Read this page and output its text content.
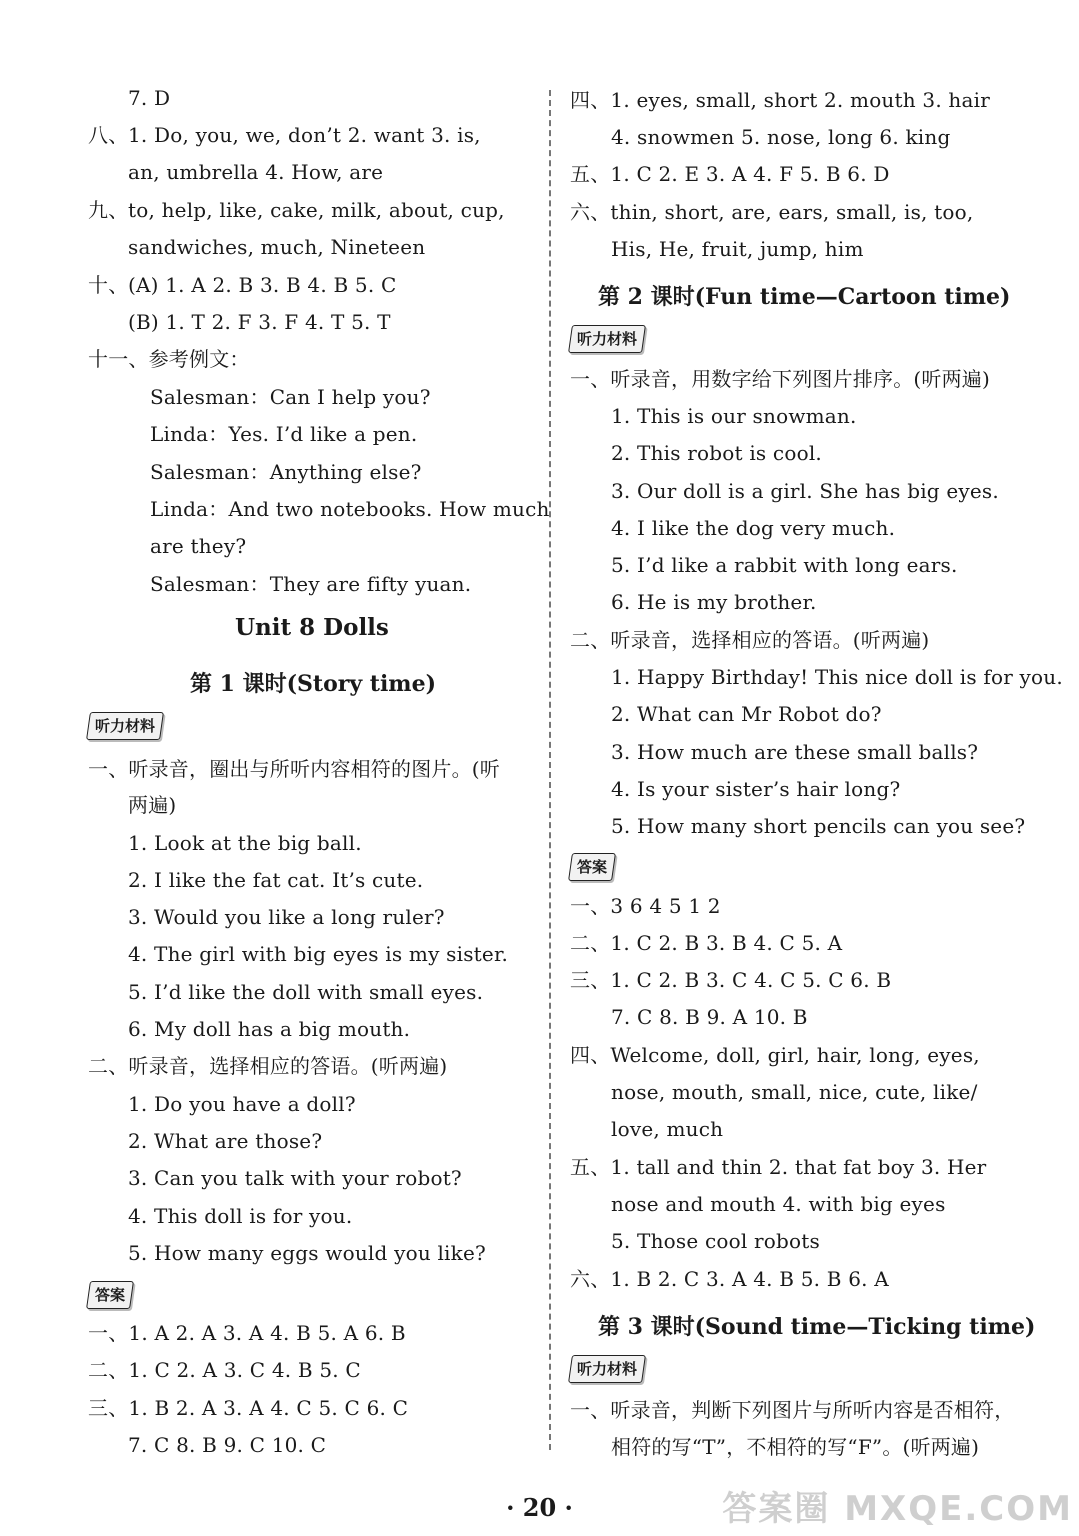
7. D
八、 1. Do, you, we, don’t 2. want 3. is,
an, umbrella 4. How, are
九、 to, help, like, cake, milk, about, cup,
sandwiches, much, Nineteen
十、 (A) 1. A 2. B 3. B 4. B 5. C
(B) 1. T 2. F 3. F 4. T 5. T
十一、参考例文：
Salesman：Can I help you?
Linda：Yes. I’d like a pen.
Salesman：Anything else?
Linda：And two notebooks. How much
are they?
Salesman：They are fifty yuan.
Unit 8 Dolls
第 1 课时(Story time)
听力材料
一、听录音，圈出与所听内容相符的图片。(听
两遍)
1. Look at the big ball.
2. I like the fat cat. It’s cute.
3. Would you like a long ruler?
4. The girl with big eyes is my sister.
5. I’d like the doll with small eyes.
6. My doll has a big mouth.
二、听录音，选择相应的答语。(听两遍)
1. Do you have a doll?
2. What are those?
3. Can you talk with your robot?
4. This doll is for you.
5. How many eggs would you like?
答案
一、1. A 2. A 3. A 4. B 5. A 6. B
二、1. C 2. A 3. C 4. B 5. C
三、1. B 2. A 3. A 4. C 5. C 6. C
7. C 8. B 9. C 10. C
四、1. eyes, small, short 2. mouth 3. hair
4. snowmen 5. nose, long 6. king
五、1. C 2. E 3. A 4. F 5. B 6. D
六、thin, short, are, ears, small, is, too,
His, He, fruit, jump, him
第 2 课时(Fun time—Cartoon time)
听力材料
一、听录音，用数字给下列图片排序。(听两遍)
1. This is our snowman.
2. This robot is cool.
3. Our doll is a girl. She has big eyes.
4. I like the dog very much.
5. I’d like a rabbit with long ears.
6. He is my brother.
二、听录音，选择相应的答语。(听两遍)
1. Happy Birthday! This nice doll is for you.
2. What can Mr Robot do?
3. How much are these small balls?
4. Is your sister’s hair long?
5. How many short pencils can you see?
答案
一、3 6 4 5 1 2
二、1. C 2. B 3. B 4. C 5. A
三、1. C 2. B 3. C 4. C 5. C 6. B
7. C 8. B 9. A 10. B
四、Welcome, doll, girl, hair, long, eyes,
nose, mouth, small, nice, cute, like/
love, much
五、1. tall and thin 2. that fat boy 3. Her
nose and mouth 4. with big eyes
5. Those cool robots
六、1. B 2. C 3. A 4. B 5. B 6. A
第 3 课时(Sound time—Ticking time)
听力材料
一、听录音，判断下列图片与所听内容是否相符，
相符的写“T”，不相符的写“F”。(听两遍)
· 20 ·	答案圈 MXQE.COM
